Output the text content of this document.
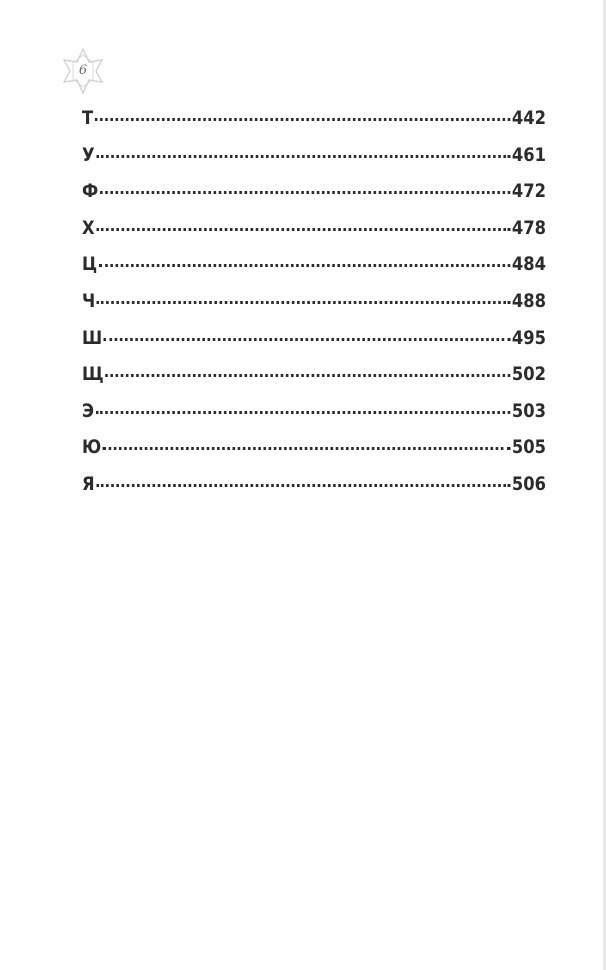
6
Т	442
У	461
Ф	472
Х	478
Ц	484
Ч	488
Ш	495
Щ	502
Э	503
Ю	505
Я	506
